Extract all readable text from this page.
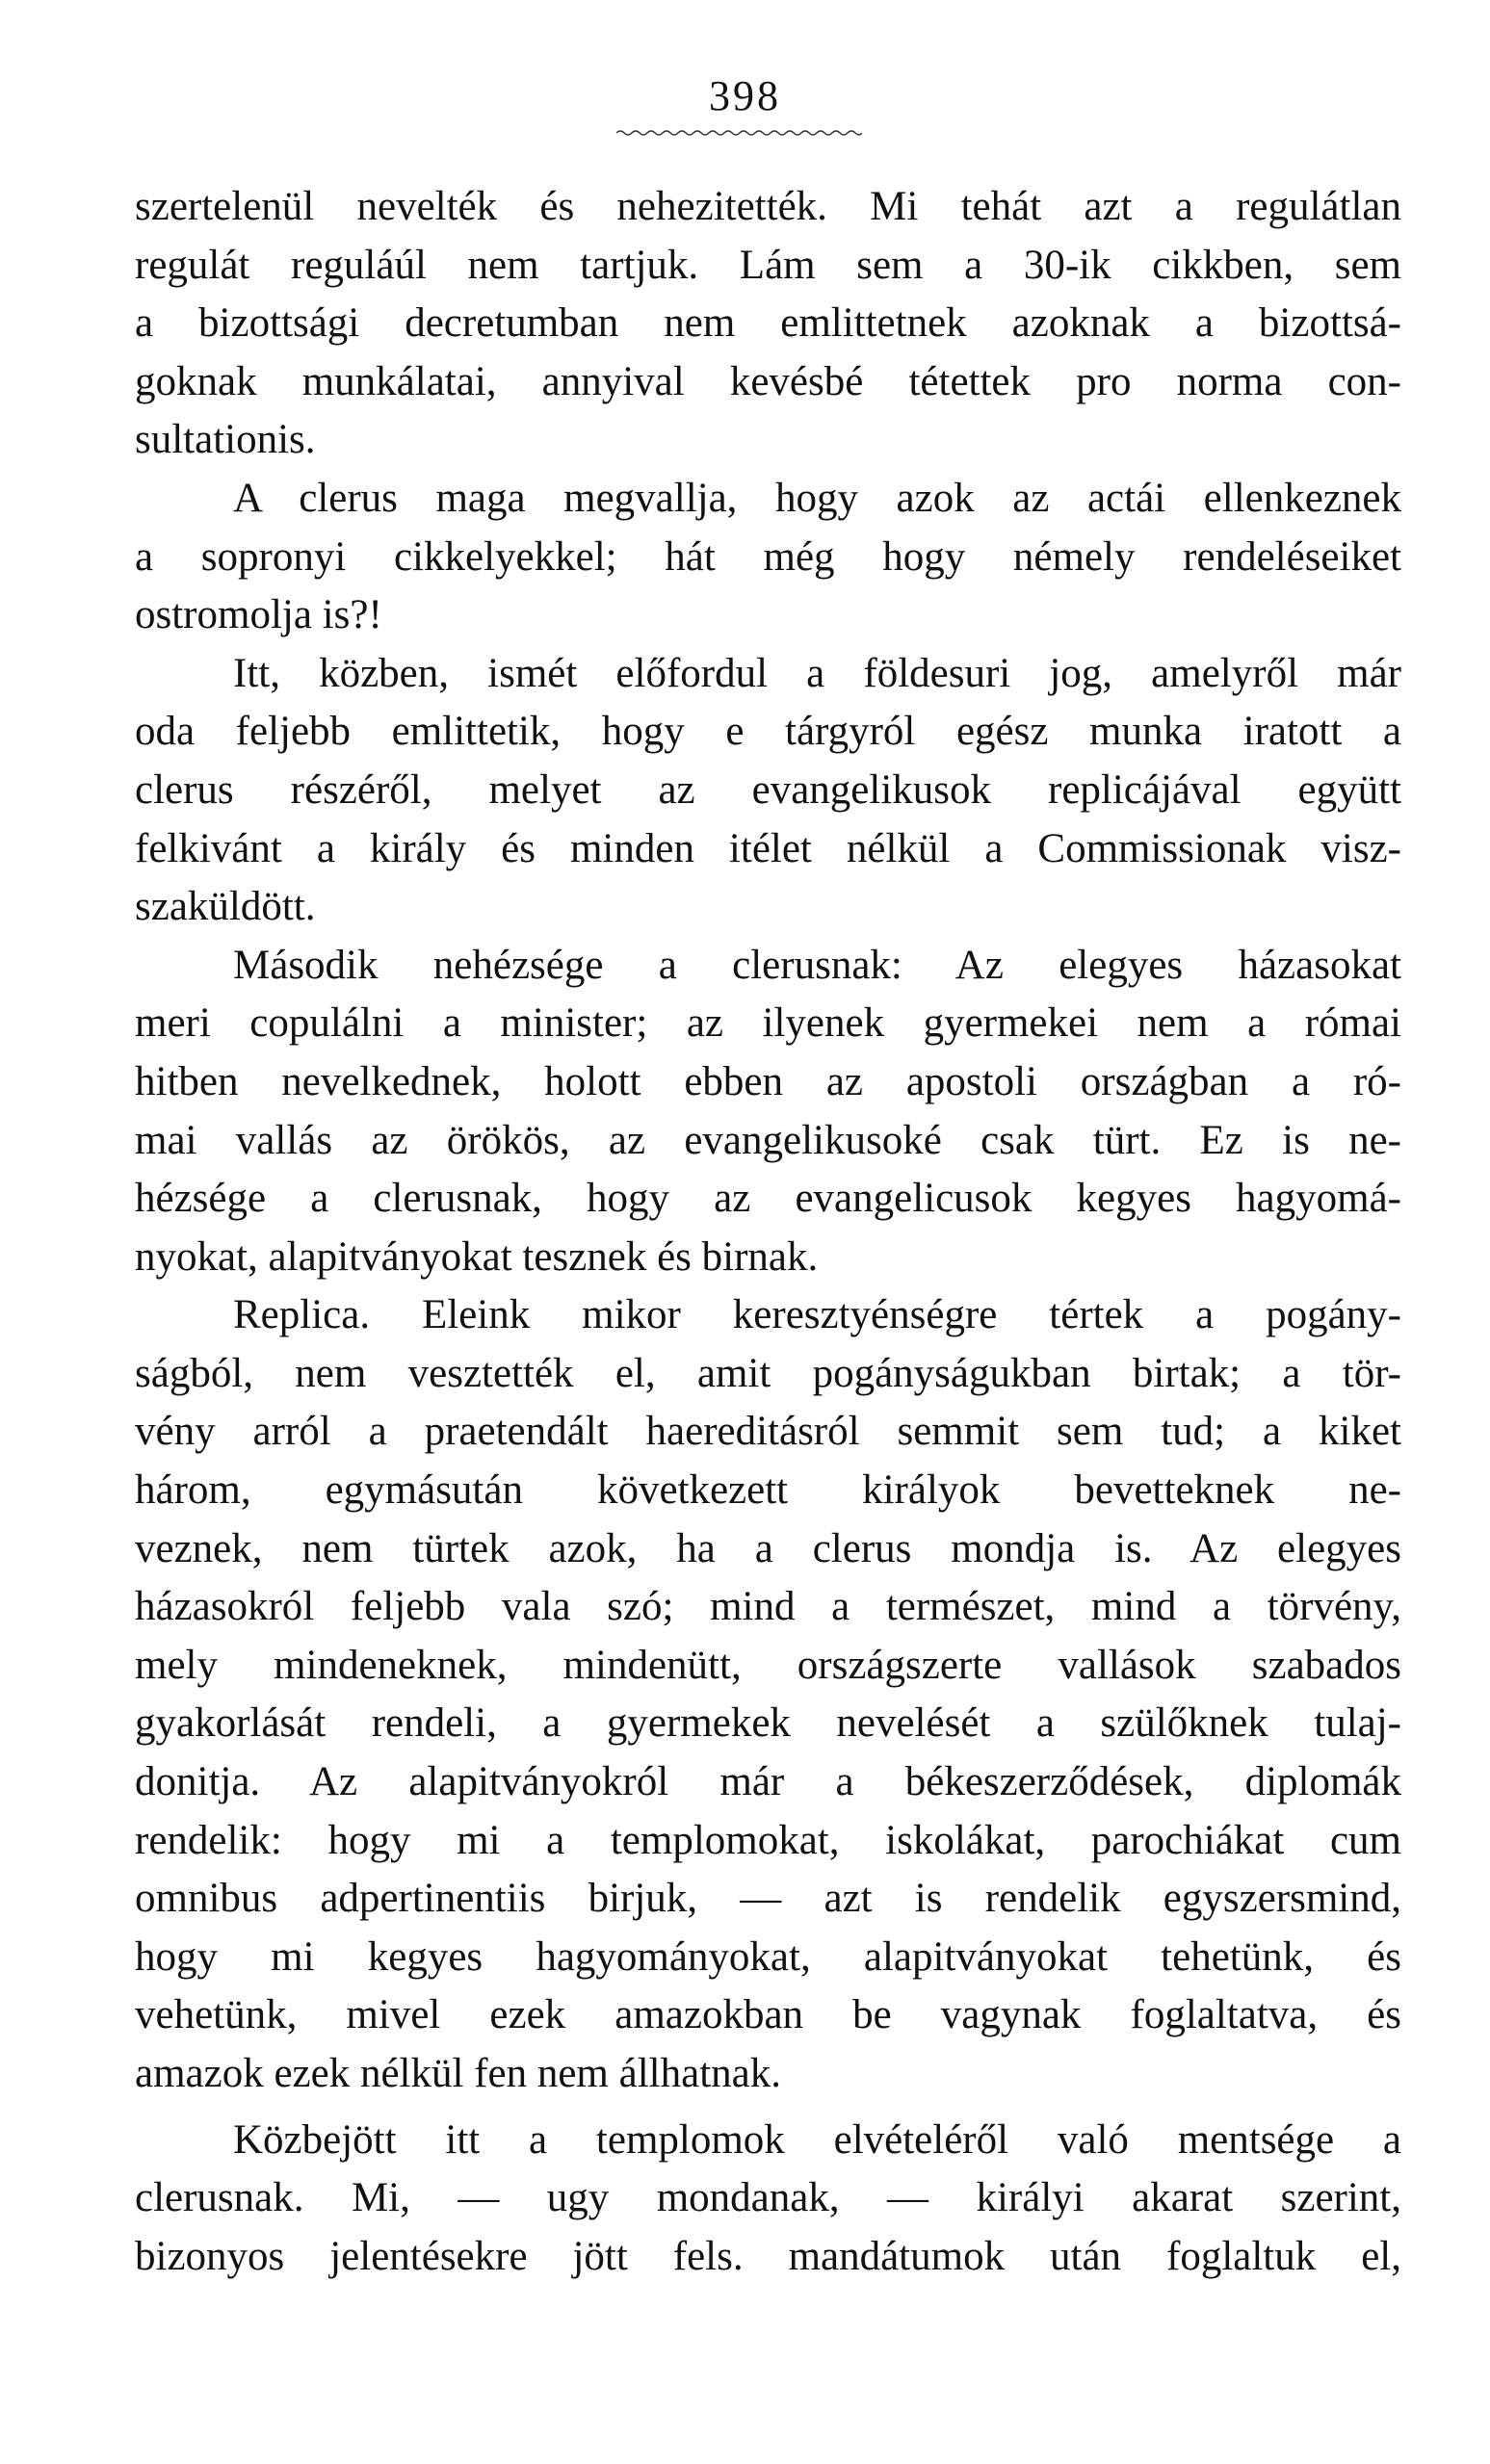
398
szertelenül nevelték és nehezitették. Mi tehát azt a regulátlan
regulát reguláúl nem tartjuk. Lám sem a 30-ik cikkben, sem
a bizottsági decretumban nem emlittetnek azoknak a bizottsá-
goknak munkálatai, annyival kevésbé tétettek pro norma con-
sultationis.
A clerus maga megvallja, hogy azok az actái ellenkeznek
a sopronyi cikkelyekkel; hát még hogy némely rendeléseiket
ostromolja is?!
Itt, közben, ismét előfordul a földesuri jog, amelyről már
oda feljebb emlittetik, hogy e tárgyról egész munka iratott a
clerus részéről, melyet az evangelikusok replicájával együtt
felkivánt a király és minden itélet nélkül a Commissionak visz-
szaküldött.
Második nehézsége a clerusnak: Az elegyes házasokat
meri copulálni a minister; az ilyenek gyermekei nem a római
hitben nevelkednek, holott ebben az apostoli országban a ró-
mai vallás az örökös, az evangelikusoké csak türt. Ez is ne-
hézsége a clerusnak, hogy az evangelicusok kegyes hagyomá-
nyokat, alapitványokat tesznek és birnak.
Replica. Eleink mikor keresztyénségre tértek a pogány-
ságból, nem vesztették el, amit pogányságukban birtak; a tör-
vény arról a praetendált haereditásról semmit sem tud; a kiket
három, egymásután következett királyok bevetteknek ne-
veznek, nem türtek azok, ha a clerus mondja is. Az elegyes
házasokról feljebb vala szó; mind a természet, mind a törvény,
mely mindeneknek, mindenütt, országszerte vallások szabados
gyakorlását rendeli, a gyermekek nevelését a szülőknek tulaj-
donitja. Az alapitványokról már a békeszerződések, diplomák
rendelik: hogy mi a templomokat, iskolákat, parochiákat cum
omnibus adpertinentiis birjuk, — azt is rendelik egyszersmind,
hogy mi kegyes hagyományokat, alapitványokat tehetünk, és
vehetünk, mivel ezek amazokban be vagynak foglaltatva, és
amazok ezek nélkül fen nem állhatnak.
Közbejött itt a templomok elvételéről való mentsége a
clerusnak. Mi, — ugy mondanak, — királyi akarat szerint,
bizonyos jelentésekre jött fels. mandátumok után foglaltuk el,
